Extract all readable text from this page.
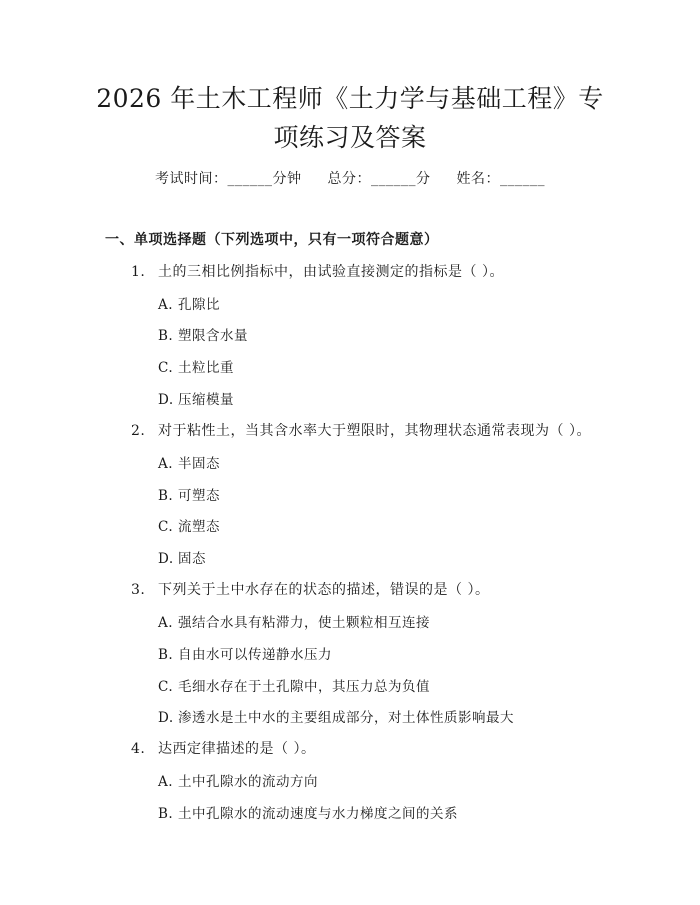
2026 年土木工程师《土力学与基础工程》专
项练习及答案
考试时间：______分钟 总分：______分 姓名：______
一、单项选择题（下列选项中，只有一项符合题意）
1. 土的三相比例指标中，由试验直接测定的指标是（ ）。
A. 孔隙比
B. 塑限含水量
C. 土粒比重
D. 压缩模量
2. 对于粘性土，当其含水率大于塑限时，其物理状态通常表现为（ ）。
A. 半固态
B. 可塑态
C. 流塑态
D. 固态
3. 下列关于土中水存在的状态的描述，错误的是（ ）。
A. 强结合水具有粘滞力，使土颗粒相互连接
B. 自由水可以传递静水压力
C. 毛细水存在于土孔隙中，其压力总为负值
D. 渗透水是土中水的主要组成部分，对土体性质影响最大
4. 达西定律描述的是（ ）。
A. 土中孔隙水的流动方向
B. 土中孔隙水的流动速度与水力梯度之间的关系
